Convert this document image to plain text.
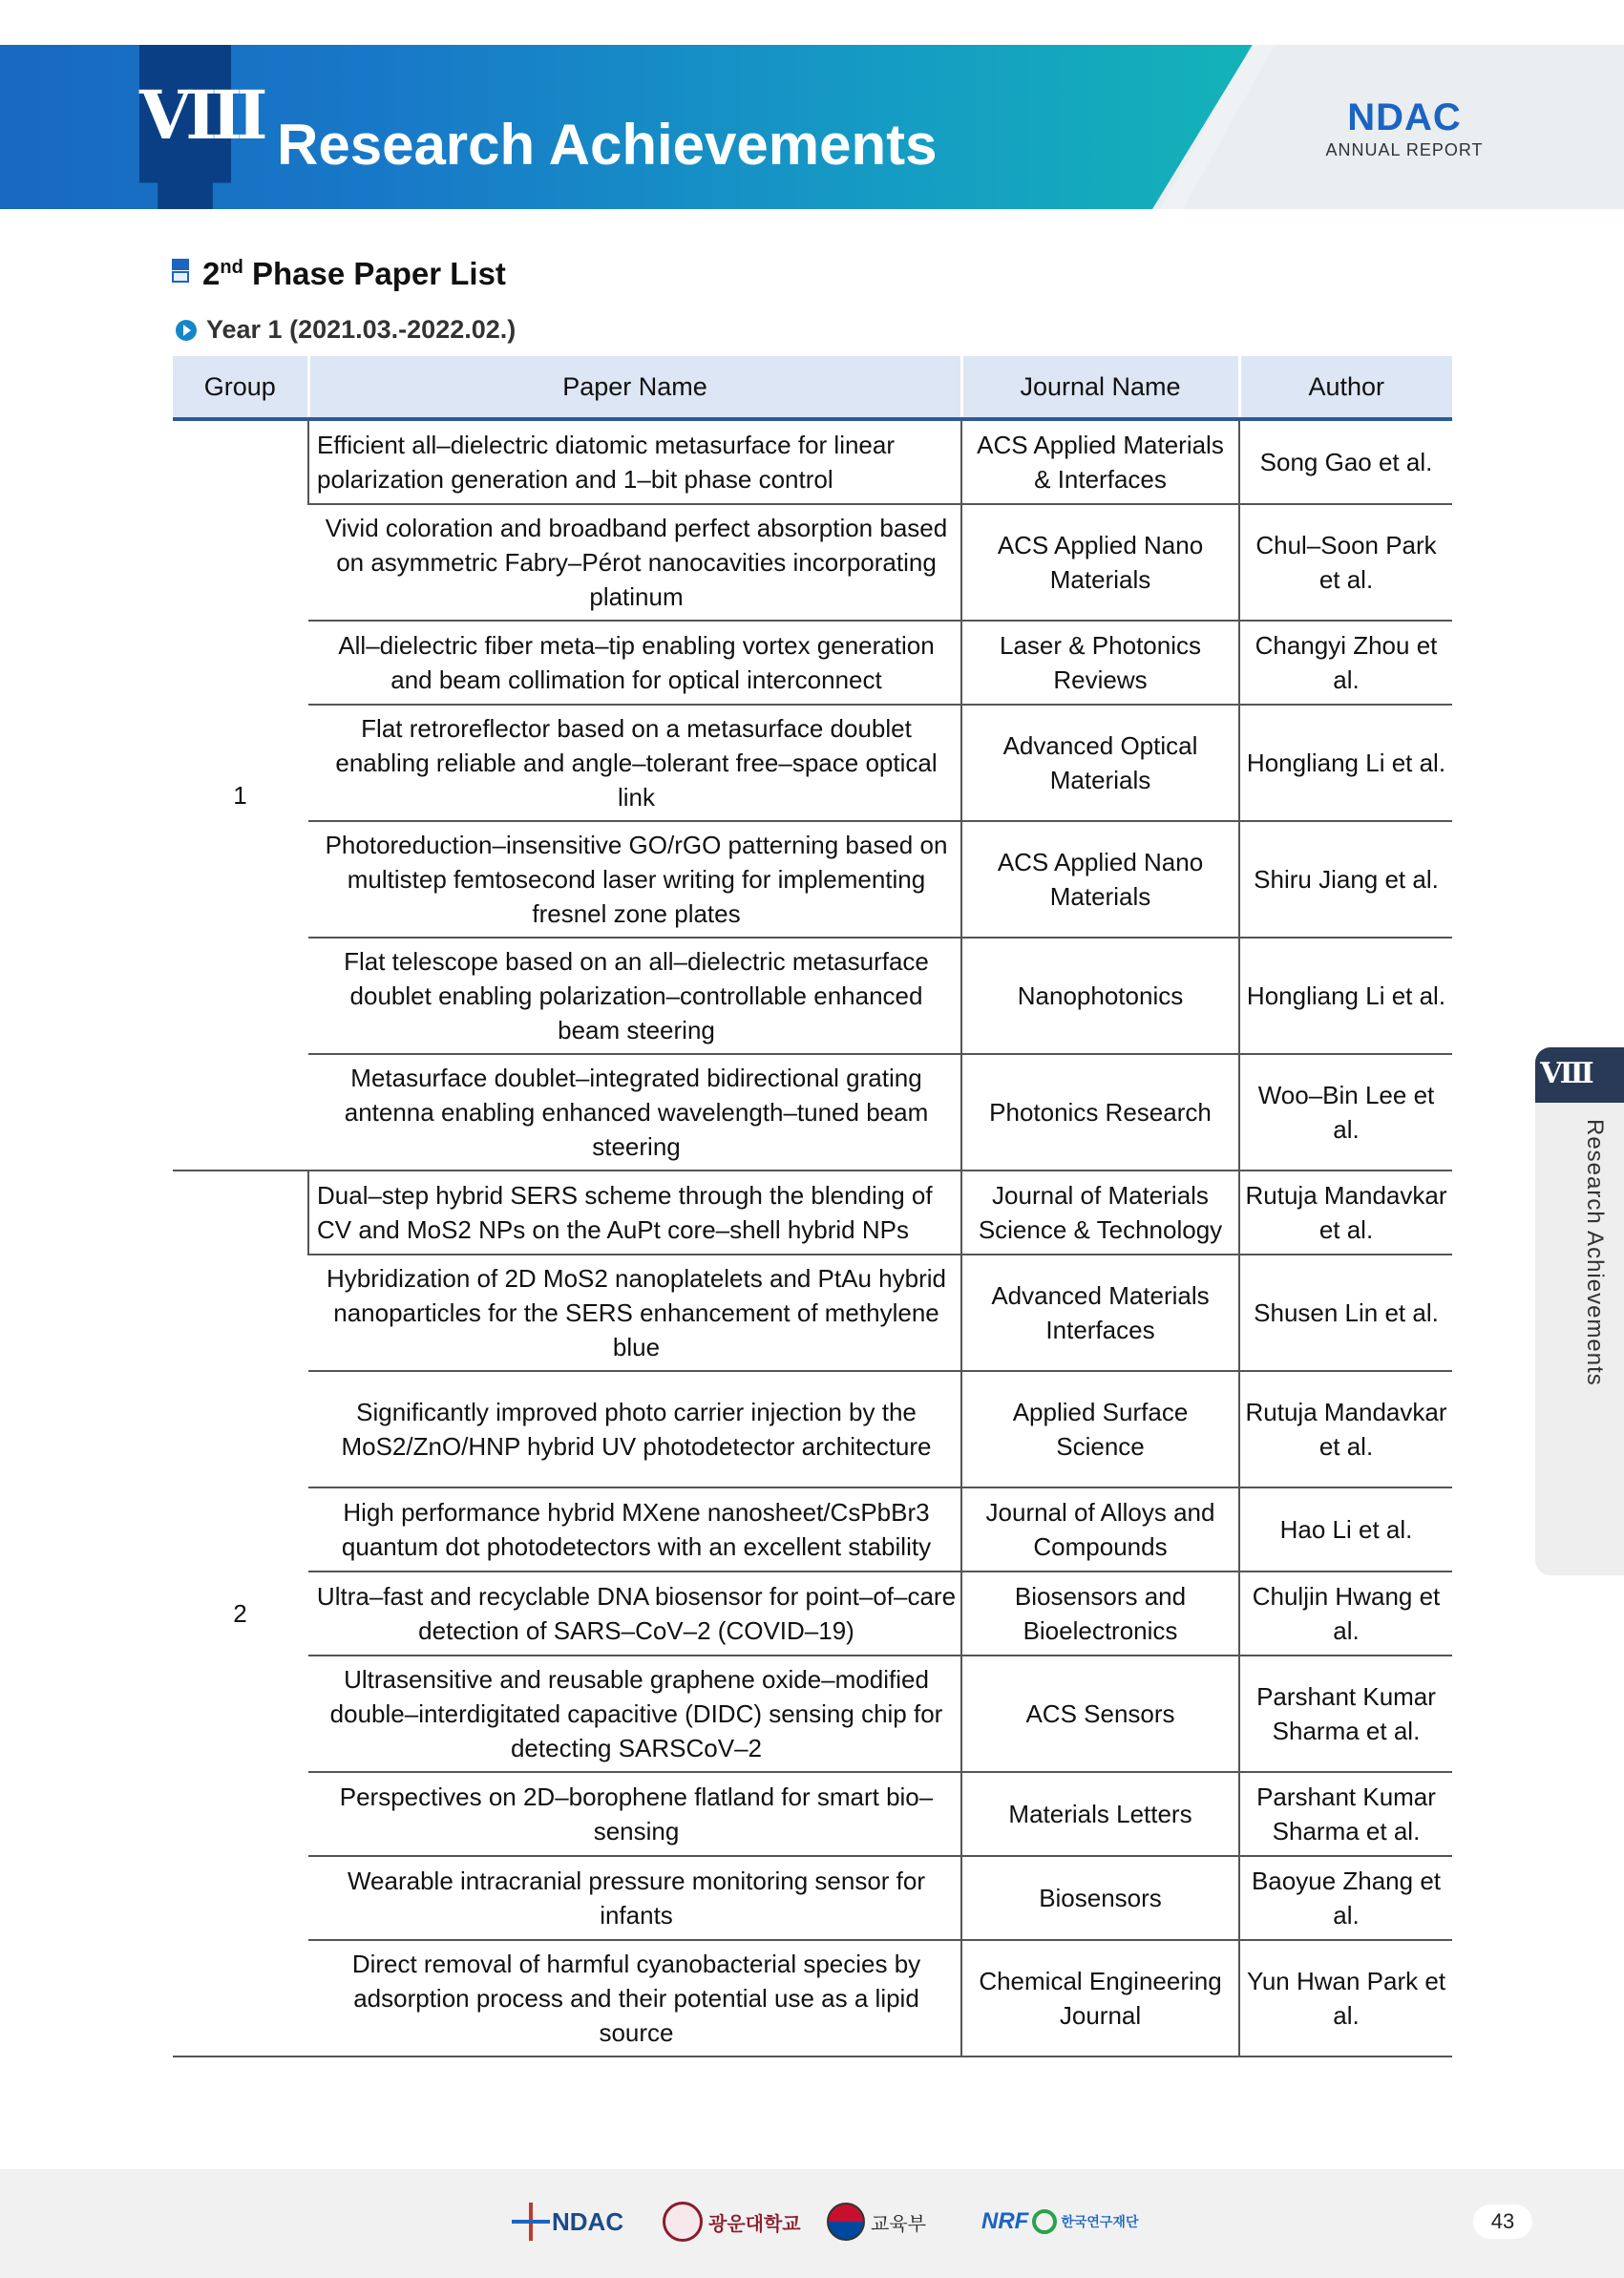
VIII Research Achievements	NDAC
ANNUAL REPORT
2nd Phase Paper List
Year 1 (2021.03.-2022.02.)
Group	Paper Name	Journal Name	Author
1	Efficient all–dielectric diatomic metasurface for linear polarization generation and 1–bit phase control	ACS Applied Materials & Interfaces	Song Gao et al.
	Vivid coloration and broadband perfect absorption based on asymmetric Fabry–Pérot nanocavities incorporating platinum	ACS Applied Nano Materials	Chul–Soon Park et al.
	All–dielectric fiber meta–tip enabling vortex generation and beam collimation for optical interconnect	Laser & Photonics Reviews	Changyi Zhou et al.
	Flat retroreflector based on a metasurface doublet enabling reliable and angle–tolerant free–space optical link	Advanced Optical Materials	Hongliang Li et al.
	Photoreduction–insensitive GO/rGO patterning based on multistep femtosecond laser writing for implementing fresnel zone plates	ACS Applied Nano Materials	Shiru Jiang et al.
	Flat telescope based on an all–dielectric metasurface doublet enabling polarization–controllable enhanced beam steering	Nanophotonics	Hongliang Li et al.
	Metasurface doublet–integrated bidirectional grating antenna enabling enhanced wavelength–tuned beam steering	Photonics Research	Woo–Bin Lee et al.
2	Dual–step hybrid SERS scheme through the blending of CV and MoS2 NPs on the AuPt core–shell hybrid NPs	Journal of Materials Science & Technology	Rutuja Mandavkar et al.
	Hybridization of 2D MoS2 nanoplatelets and PtAu hybrid nanoparticles for the SERS enhancement of methylene blue	Advanced Materials Interfaces	Shusen Lin et al.
	Significantly improved photo carrier injection by the MoS2/ZnO/HNP hybrid UV photodetector architecture	Applied Surface Science	Rutuja Mandavkar et al.
	High performance hybrid MXene nanosheet/CsPbBr3 quantum dot photodetectors with an excellent stability	Journal of Alloys and Compounds	Hao Li et al.
	Ultra–fast and recyclable DNA biosensor for point–of–care detection of SARS–CoV–2 (COVID–19)	Biosensors and Bioelectronics	Chuljin Hwang et al.
	Ultrasensitive and reusable graphene oxide–modified double–interdigitated capacitive (DIDC) sensing chip for detecting SARSCoV–2	ACS Sensors	Parshant Kumar Sharma et al.
	Perspectives on 2D–borophene flatland for smart bio–sensing	Materials Letters	Parshant Kumar Sharma et al.
	Wearable intracranial pressure monitoring sensor for infants	Biosensors	Baoyue Zhang et al.
	Direct removal of harmful cyanobacterial species by adsorption process and their potential use as a lipid source	Chemical Engineering Journal	Yun Hwan Park et al.
VIII
Research Achievements
NDAC	광운대학교	교육부 NRF 한국연구재단	43
